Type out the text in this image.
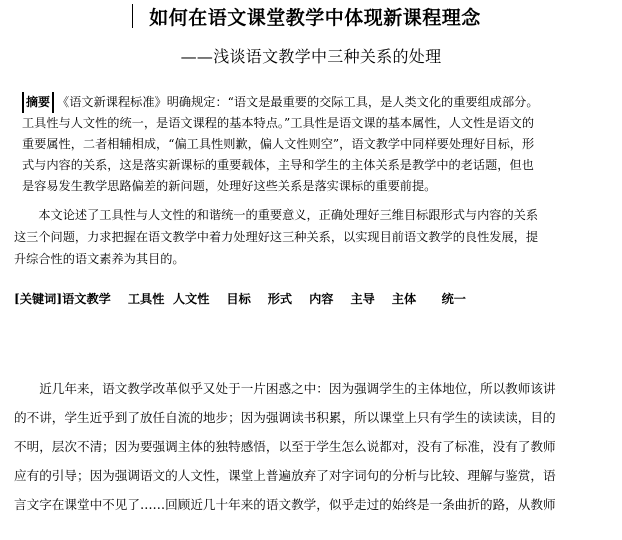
如何在语文课堂教学中体现新课程理念
——浅谈语文教学中三种关系的处理
摘要 《语文新课程标准》明确规定：“语文是最重要的交际工具，是人类文化的重要组成部分。
工具性与人文性的统一，是语文课程的基本特点。”工具性是语文课的基本属性，人文性是语文的
重要属性，二者相辅相成，“偏工具性则歉，偏人文性则空”，语文教学中同样要处理好目标，形
式与内容的关系，这是落实新课标的重要载体，主导和学生的主体关系是教学中的老话题，但也
是容易发生教学思路偏差的新问题，处理好这些关系是落实课标的重要前提。
　　本文论述了工具性与人文性的和谐统一的重要意义，正确处理好三维目标跟形式与内容的关系
这三个问题，力求把握在语文教学中着力处理好这三种关系，以实现目前语文教学的良性发展，提
升综合性的语文素养为其目的。
[关键词]语文教学    工具性  人文性    目标    形式    内容    主导    主体      统一
　　近几年来，语文教学改革似乎又处于一片困惑之中：因为强调学生的主体地位，所以教师该讲
的不讲，学生近乎到了放任自流的地步；因为强调读书积累，所以课堂上只有学生的读读读，目的
不明，层次不清；因为要强调主体的独特感悟，以至于学生怎么说都对，没有了标准，没有了教师
应有的引导；因为强调语文的人文性，课堂上普遍放弃了对字词句的分析与比较、理解与鉴赏，语
言文字在课堂中不见了……回顾近几十年来的语文教学，似乎走过的始终是一条曲折的路，从教师
